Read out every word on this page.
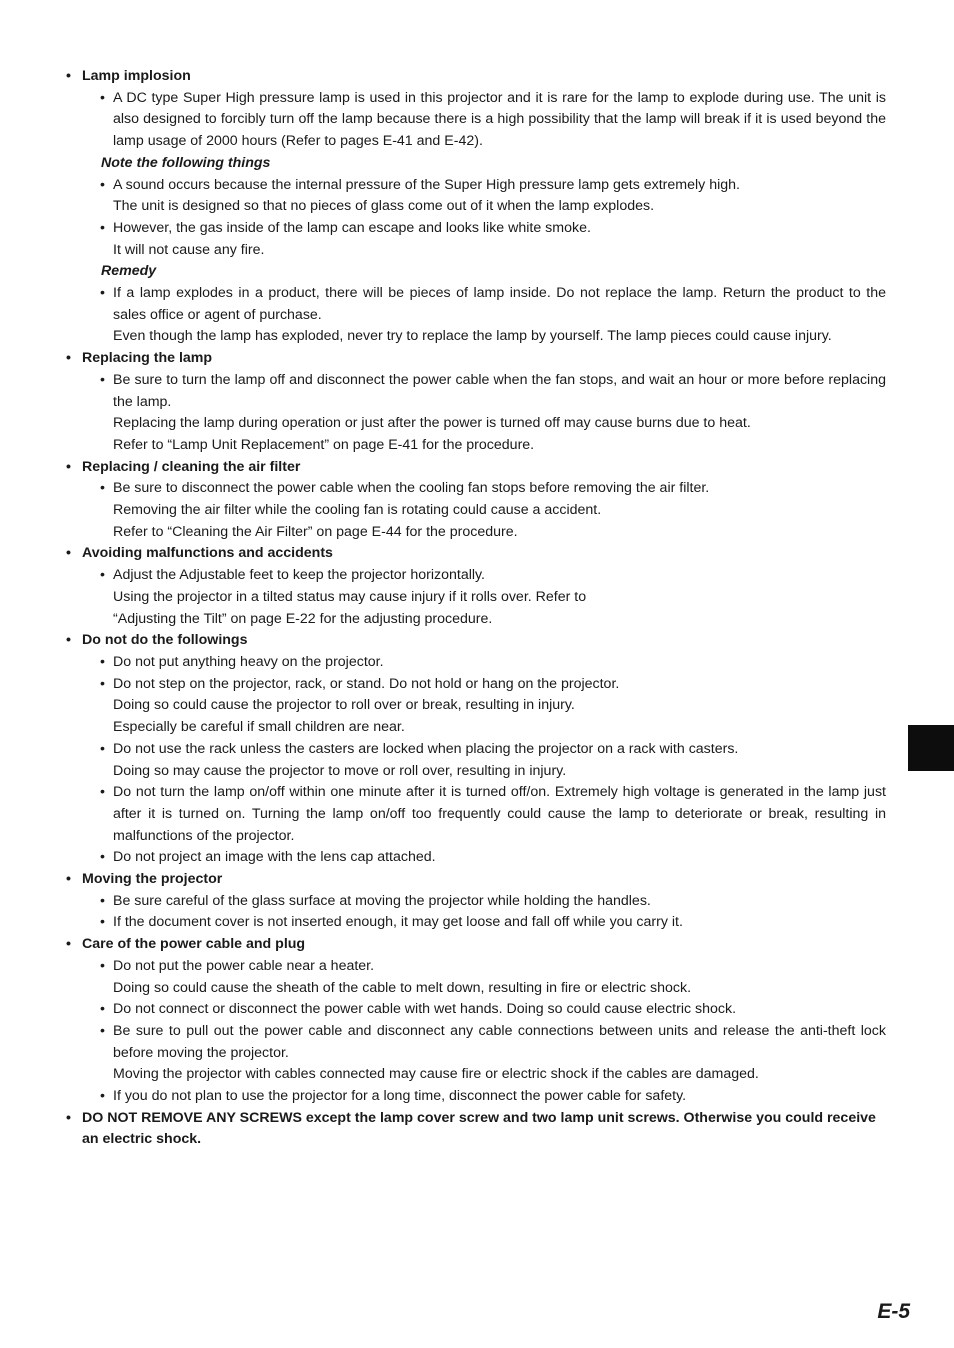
• Lamp implosion
• A DC type Super High pressure lamp is used in this projector and it is rare for the lamp to explode during use. The unit is also designed to forcibly turn off the lamp because there is a high possibility that the lamp will break if it is used beyond the lamp usage of 2000 hours (Refer to pages E-41 and E-42).

Note the following things
• A sound occurs because the internal pressure of the Super High pressure lamp gets extremely high.

The unit is designed so that no pieces of glass come out of it when the lamp explodes.

• However, the gas inside of the lamp can escape and looks like white smoke.

It will not cause any fire.

Remedy
• If a lamp explodes in a product, there will be pieces of lamp inside. Do not replace the lamp. Return the product to the sales office or agent of purchase.

Even though the lamp has exploded, never try to replace the lamp by yourself. The lamp pieces could cause injury.

• Replacing the lamp
• Be sure to turn the lamp off and disconnect the power cable when the fan stops, and wait an hour or more before replacing the lamp.

Replacing the lamp during operation or just after the power is turned off may cause burns due to heat.

Refer to “Lamp Unit Replacement” on page E-41 for the procedure.

• Replacing / cleaning the air filter
• Be sure to disconnect the power cable when the cooling fan stops before removing the air filter.

Removing the air filter while the cooling fan is rotating could cause a accident.

Refer to “Cleaning the Air Filter” on page E-44 for the procedure.

• Avoiding malfunctions and accidents
• Adjust the Adjustable feet to keep the projector horizontally.

Using the projector in a tilted status may cause injury if it rolls over. Refer to

“Adjusting the Tilt” on page E-22 for the adjusting procedure.

• Do not do the followings
• Do not put anything heavy on the projector.

• Do not step on the projector, rack, or stand. Do not hold or hang on the projector.

Doing so could cause the projector to roll over or break, resulting in injury.

Especially be careful if small children are near.

• Do not use the rack unless the casters are locked when placing the projector on a rack with casters.

Doing so may cause the projector to move or roll over, resulting in injury.

• Do not turn the lamp on/off within one minute after it is turned off/on. Extremely high voltage is generated in the lamp just after it is turned on. Turning the lamp on/off too frequently could cause the lamp to deteriorate or break, resulting in malfunctions of the projector.

• Do not project an image with the lens cap attached.

• Moving the projector
• Be sure careful of the glass surface at moving the projector while holding the handles.

• If the document cover is not inserted enough, it may get loose and fall off while you carry it.

• Care of the power cable and plug
• Do not put the power cable near a heater.

Doing so could cause the sheath of the cable to melt down, resulting in fire or electric shock.

• Do not connect or disconnect the power cable with wet hands. Doing so could cause electric shock.

• Be sure to pull out the power cable and disconnect any cable connections between units and release the anti-theft lock before moving the projector.

Moving the projector with cables connected may cause fire or electric shock if the cables are damaged.

• If you do not plan to use the projector for a long time, disconnect the power cable for safety.

• DO NOT REMOVE ANY SCREWS except the lamp cover screw and two lamp unit screws. Otherwise you could receive an electric shock.
E-5
